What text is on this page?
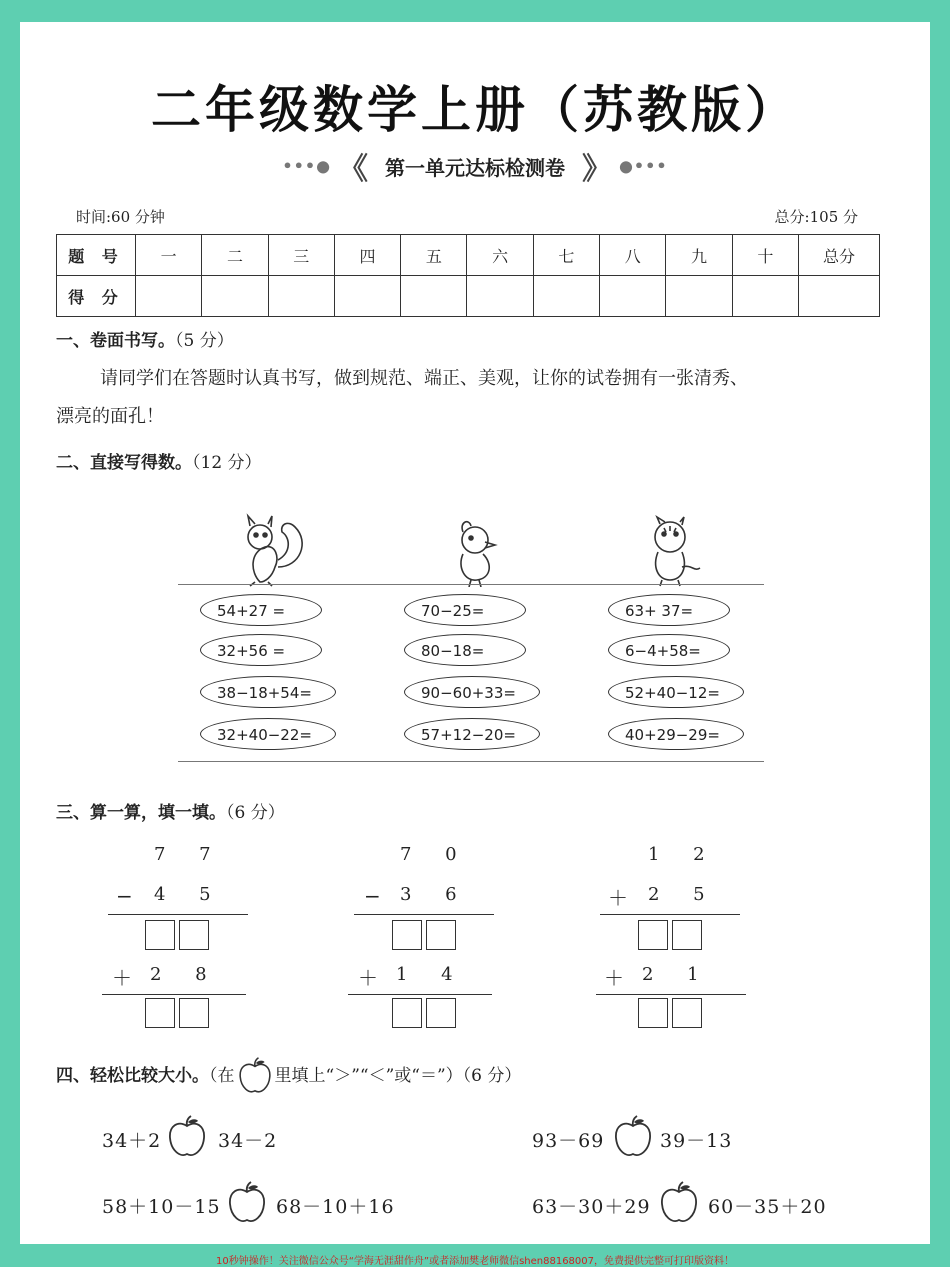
二年级数学上册（苏教版）
•••● 《 第一单元达标检测卷 》 ●•••
时间:60 分钟	总分:105 分
题 号	一	二	三	四	五	六	七	八	九	十	总分
得 分											
一、卷面书写。（5 分）
请同学们在答题时认真书写，做到规范、端正、美观，让你的试卷拥有一张清秀、
漂亮的面孔！
二、直接写得数。（12 分）
54+27 =	70−25=	63+ 37=
32+56 =	80−18=	6−4+58=
38−18+54=	90−60+33=	52+40−12=
32+40−22=	57+12−20=	40+29−29=
三、算一算，填一填。（6 分）
7 7
− 4 5
＋ 2 8
7 0
− 3 6
＋ 1 4
1 2
＋ 2 5
＋ 2 1
四、轻松比较大小。（在 里填上“＞”“＜”或“＝”）（6 分）
34＋2	34－2	93－69	39－13
58＋10－15	68－10＋16	63－30＋29	60－35＋20
10秒钟操作！关注微信公众号“学海无涯甜作舟”或者添加樊老师微信shen88168007，免费提供完整可打印版资料！
